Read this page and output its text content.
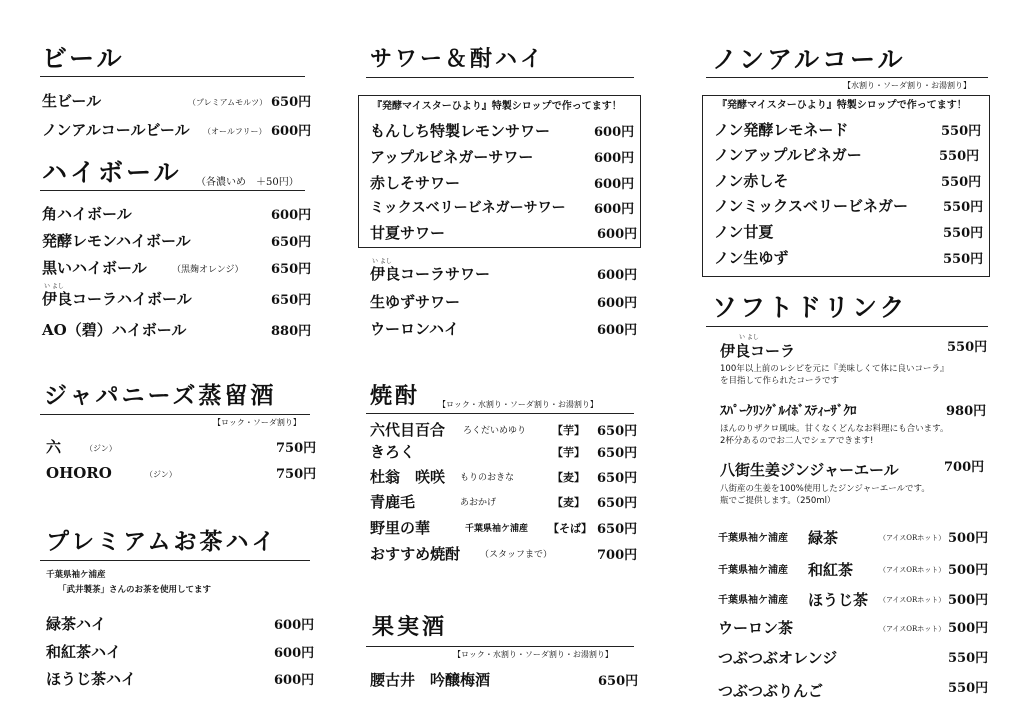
ビール
生ビール	（プレミアムモルツ） 650円
ノンアルコールビール （オールフリー） 600円
ハイボール （各濃いめ　＋50円）
角ハイボール	600円
発酵レモンハイボール	650円
黒いハイボール	（黒麹オレンジ） 650円
い よし
伊良コーラハイボール	650円
AO（碧）ハイボール	880円
ジャパニーズ蒸留酒
【ロック・ソーダ割り】
六	（ジン）	750円
OHORO	（ジン）	750円
プレミアムお茶ハイ
千葉県袖ケ浦産
「武井製茶」さんのお茶を使用してます
緑茶ハイ	600円
和紅茶ハイ	600円
ほうじ茶ハイ	600円
サワー＆酎ハイ
『発酵マイスターひより』特製シロップで作ってます！
もんしち特製レモンサワー	600円
アップルビネガーサワー	600円
赤しそサワー	600円
ミックスベリービネガーサワー 600円
甘夏サワー	600円
い よし
伊良コーラサワー	600円
生ゆずサワー	600円
ウーロンハイ	600円
焼酎 【ロック・水割り・ソーダ割り・お湯割り】
六代目百合 ろくだいめゆり 【芋】 650円
きろく	【芋】 650円
杜翁　咲咲 もりのおきな	【麦】 650円
青鹿毛	あおかげ	【麦】 650円
野里の華	千葉県袖ケ浦産 【そば】 650円
おすすめ焼酎 （スタッフまで）	700円
果実酒
【ロック・水割り・ソーダ割り・お湯割り】
腰古井　吟醸梅酒	650円
ノンアルコール
【水割り・ソーダ割り・お湯割り】
『発酵マイスターひより』特製シロップで作ってます！
ノン発酵レモネード	550円
ノンアップルビネガー	550円
ノン赤しそ	550円
ノンミックスベリービネガー	550円
ノン甘夏	550円
ノン生ゆず	550円
ソフトドリンク
い よし
伊良コーラ	550円
100年以上前のレシピを元に『美味しくて体に良いコーラ』
を目指して作られたコーラです
ｽﾊﾟｰｸﾘﾝｸﾞﾙｲﾎﾞｽﾃｨｰｻﾞｸﾛ	980円
ほんのりザクロ風味。甘くなくどんなお料理にも合います。
2杯分あるのでお二人でシェアできます!
八街生姜ジンジャーエール	700円
八街産の生姜を100%使用したジンジャーエールです。
瓶でご提供します。（250ml）
千葉県袖ケ浦産 緑茶	（アイスORホット） 500円
千葉県袖ケ浦産 和紅茶	（アイスORホット） 500円
千葉県袖ケ浦産 ほうじ茶 （アイスORホット） 500円
ウーロン茶	（アイスORホット） 500円
つぶつぶオレンジ	550円
つぶつぶりんご	550円
